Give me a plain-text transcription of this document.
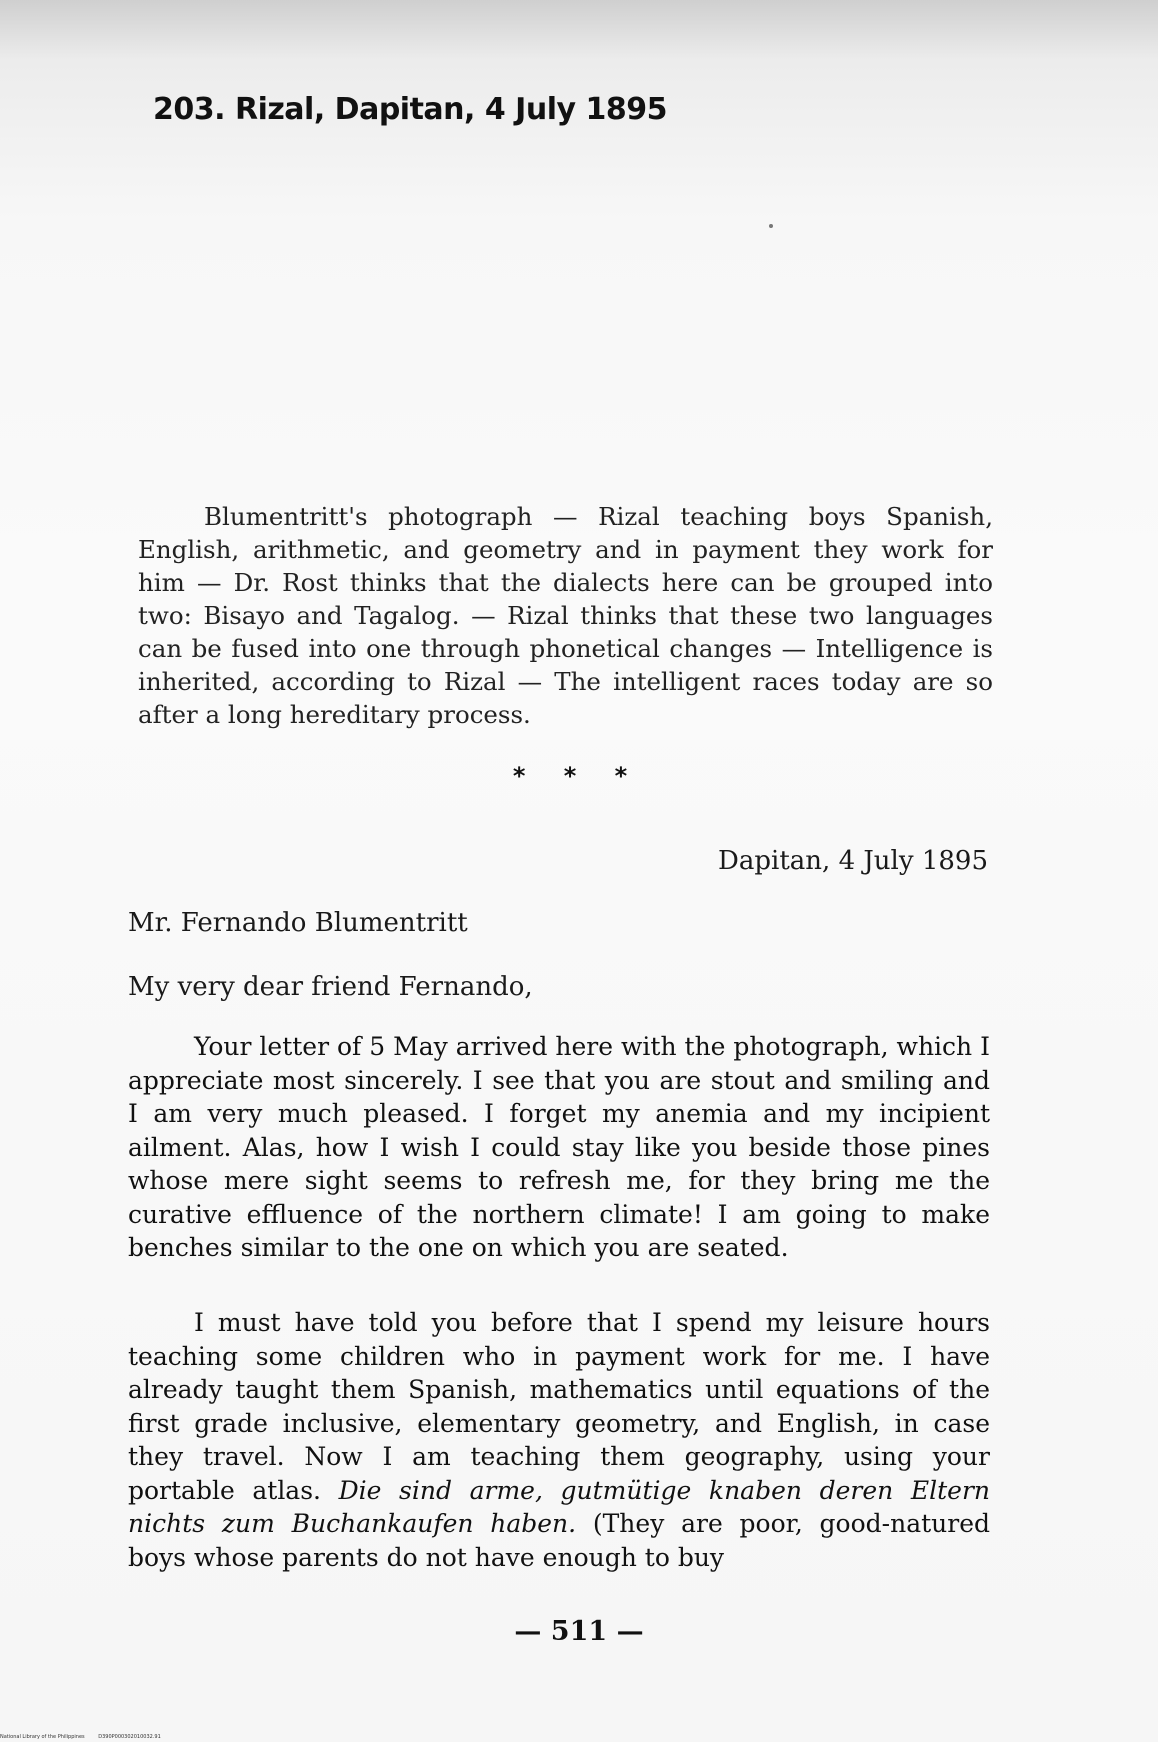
203. Rizal, Dapitan, 4 July 1895

Blumentritt's photograph — Rizal teaching boys Spanish, English, arithmetic, and geometry and in payment they work for him — Dr. Rost thinks that the dialects here can be grouped into two: Bisayo and Tagalog. — Rizal thinks that these two languages can be fused into one through phonetical changes — Intelligence is inherited, according to Rizal — The intelligent races today are so after a long hereditary process.

* * *

Dapitan, 4 July 1895

Mr. Fernando Blumentritt

My very dear friend Fernando,

Your letter of 5 May arrived here with the photograph, which I appreciate most sincerely. I see that you are stout and smiling and I am very much pleased. I forget my anemia and my incipient ailment. Alas, how I wish I could stay like you beside those pines whose mere sight seems to refresh me, for they bring me the curative effluence of the northern climate! I am going to make benches similar to the one on which you are seated.

I must have told you before that I spend my leisure hours teaching some children who in payment work for me. I have already taught them Spanish, mathematics until equations of the first grade inclusive, elementary geometry, and English, in case they travel. Now I am teaching them geography, using your portable atlas. Die sind arme, gutmütige knaben deren Eltern nichts zum Buchankaufen haben. (They are poor, good-natured boys whose parents do not have enough to buy

— 511 —

National Library of the Philippines	D390P000302010032.91
